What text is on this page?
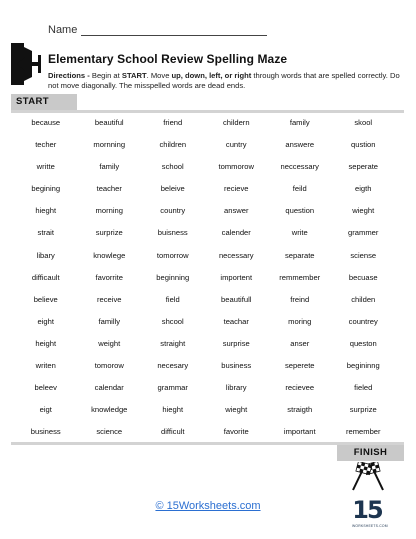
Name
Elementary School Review Spelling Maze
Directions - Begin at START. Move up, down, left, or right through words that are spelled correctly. Do not move diagonally. The misspelled words are dead ends.
START
because	beautiful	friend	childern	family	skool
techer	mornning	children	cuntry	answere	qustion
writte	family	school	tommorow	neccessary	seperate
begining	teacher	beleive	recieve	feild	eigth
hieght	morning	country	answer	question	wieght
strait	surprize	buisness	calender	write	grammer
libary	knowlege	tomorrow	necessary	separate	sciense
difficault	favorrite	beginning	importent	remmember	becuase
believe	receive	field	beautifull	freind	childen
eight	familly	shcool	teachar	moring	countrey
height	weight	straight	surprise	anser	queston
writen	tomorow	necesary	business	seperete	begininng
beleev	calendar	grammar	library	recievee	fieled
eigt	knowledge	hieght	wieght	straigth	surprize
business	science	difficult	favorite	important	remember
FINISH
© 15Worksheets.com	15
WORKSHEETS.COM
